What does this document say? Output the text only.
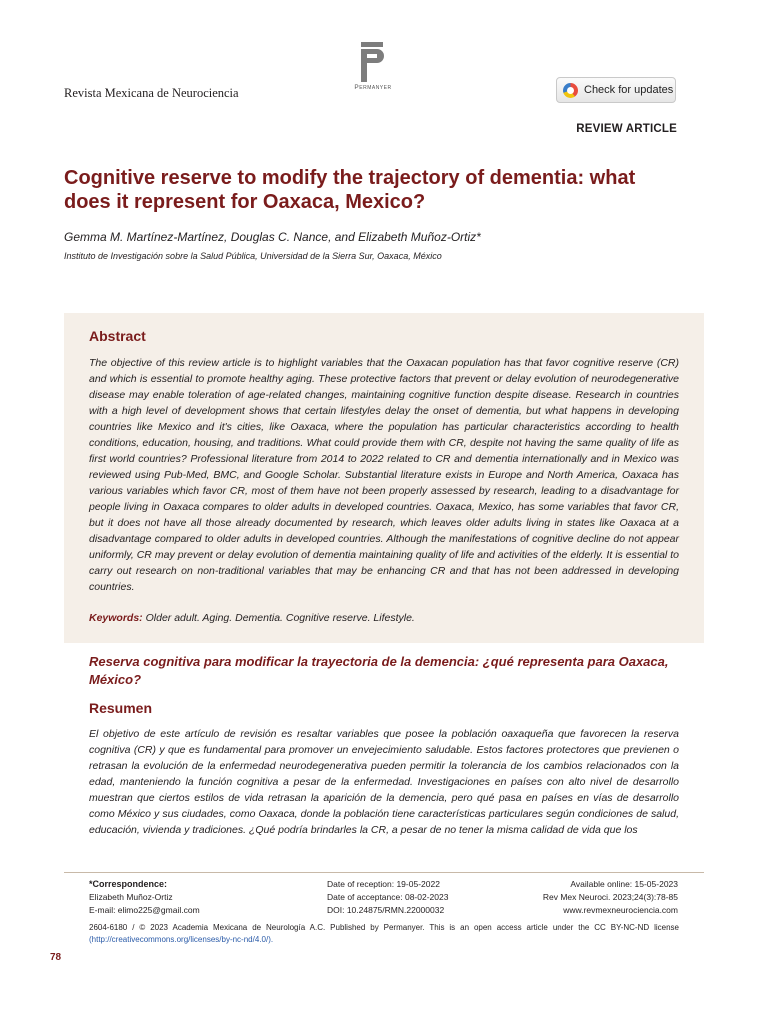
Revista Mexicana de Neurociencia	Permanyer	Check for updates
REVIEW ARTICLE
Cognitive reserve to modify the trajectory of dementia: what does it represent for Oaxaca, Mexico?
Gemma M. Martínez-Martínez, Douglas C. Nance, and Elizabeth Muñoz-Ortiz*
Instituto de Investigación sobre la Salud Pública, Universidad de la Sierra Sur, Oaxaca, México
Abstract
The objective of this review article is to highlight variables that the Oaxacan population has that favor cognitive reserve (CR) and which is essential to promote healthy aging. These protective factors that prevent or delay evolution of neurodegenerative disease may enable toleration of age-related changes, maintaining cognitive function despite disease. Research in countries with a high level of development shows that certain lifestyles delay the onset of dementia, but what happens in developing countries like Mexico and it's cities, like Oaxaca, where the population has particular characteristics according to health conditions, education, housing, and traditions. What could provide them with CR, despite not having the same quality of life as first world countries? Professional literature from 2014 to 2022 related to CR and dementia internationally and in Mexico was reviewed using Pub-Med, BMC, and Google Scholar. Substantial literature exists in Europe and North America, Oaxaca has various variables which favor CR, most of them have not been properly assessed by research, leading to a disadvantage for people living in Oaxaca compares to older adults in developed countries. Oaxaca, Mexico, has some variables that favor CR, but it does not have all those already documented by research, which leaves older adults living in states like Oaxaca at a disadvantage compared to older adults in developed countries. Although the manifestations of cognitive decline do not appear uniformly, CR may prevent or delay evolution of dementia maintaining quality of life and activities of the elderly. It is essential to carry out research on non-traditional variables that may be enhancing CR and that has not been addressed in developing countries.
Keywords: Older adult. Aging. Dementia. Cognitive reserve. Lifestyle.
Reserva cognitiva para modificar la trayectoria de la demencia: ¿qué representa para Oaxaca, México?
Resumen
El objetivo de este artículo de revisión es resaltar variables que posee la población oaxaqueña que favorecen la reserva cognitiva (CR) y que es fundamental para promover un envejecimiento saludable. Estos factores protectores que previenen o retrasan la evolución de la enfermedad neurodegenerativa pueden permitir la tolerancia de los cambios relacionados con la edad, manteniendo la función cognitiva a pesar de la enfermedad. Investigaciones en países con alto nivel de desarrollo muestran que ciertos estilos de vida retrasan la aparición de la demencia, pero qué pasa en países en vías de desarrollo como México y sus ciudades, como Oaxaca, donde la población tiene características particulares según condiciones de salud, educación, vivienda y tradiciones. ¿Qué podría brindarles la CR, a pesar de no tener la misma calidad de vida que los
*Correspondence:
Elizabeth Muñoz-Ortiz
E-mail: elimo225@gmail.com
Date of reception: 19-05-2022
Date of acceptance: 08-02-2023
DOI: 10.24875/RMN.22000032
Available online: 15-05-2023
Rev Mex Neuroci. 2023;24(3):78-85
www.revmexneurociencia.com
2604-6180 / © 2023 Academia Mexicana de Neurología A.C. Published by Permanyer. This is an open access article under the CC BY-NC-ND license (http://creativecommons.org/licenses/by-nc-nd/4.0/).
78
